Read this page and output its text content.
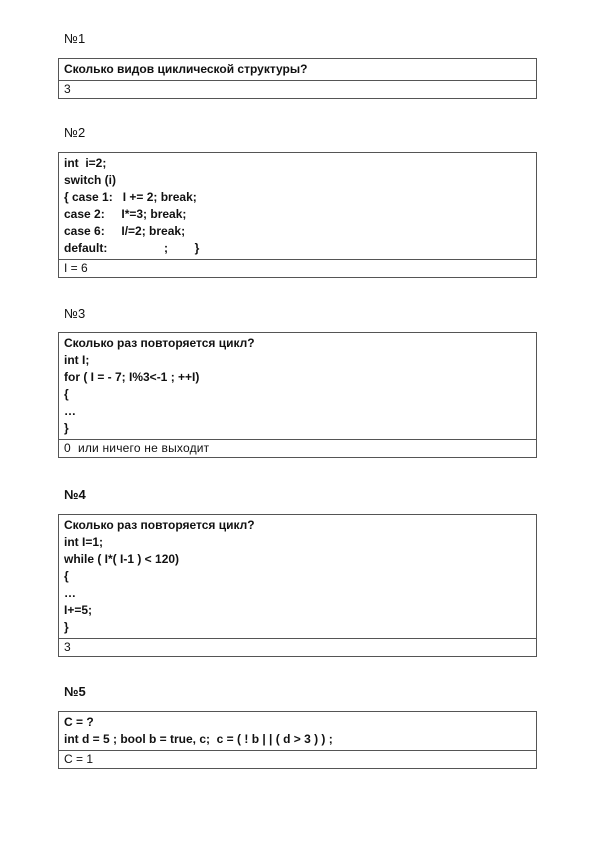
№1
Сколько видов циклической структуры?
3
№2
int  i=2;
switch (i)
{ case 1:   I += 2; break;
case 2:     I*=3; break;
case 6:     I/=2; break;
default:                 ;        }
I = 6
№3
Сколько раз повторяется цикл?
int I;
for ( I = - 7; I%3<-1 ; ++I)
{
…
}
0  или ничего не выходит
№4
Сколько раз повторяется цикл?
int I=1;
while ( I*( I-1 ) < 120)
{
…
I+=5;
}
3
№5
C = ?
int d = 5 ; bool b = true, c;  c = ( ! b | | ( d > 3 ) ) ;
C = 1
